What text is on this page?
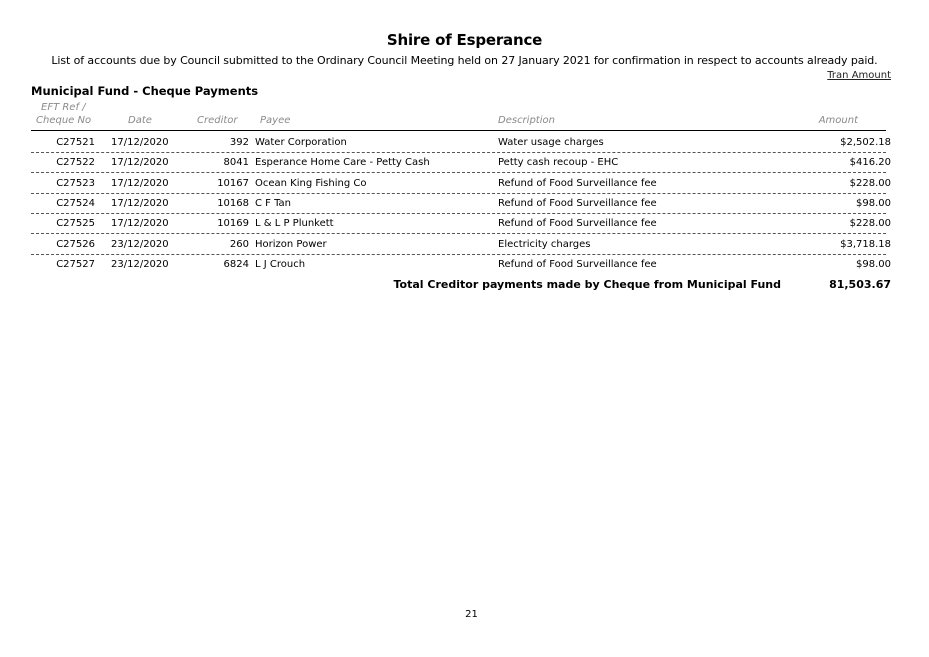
Shire of Esperance
List of accounts due by Council submitted to the Ordinary Council Meeting held on 27 January 2021 for confirmation in respect to accounts already paid.
Tran Amount
Municipal Fund - Cheque Payments
EFT Ref /
Cheque No	Date	Creditor Payee	Description	Amount
C27521 17/12/2020	392 Water Corporation	Water usage charges	$2,502.18
C27522 17/12/2020	8041 Esperance Home Care - Petty Cash	Petty cash recoup - EHC	$416.20
C27523 17/12/2020	10167 Ocean King Fishing Co	Refund of Food Surveillance fee	$228.00
C27524 17/12/2020	10168 C F Tan	Refund of Food Surveillance fee	$98.00
C27525 17/12/2020	10169 L & L P Plunkett	Refund of Food Surveillance fee	$228.00
C27526 23/12/2020	260 Horizon Power	Electricity charges	$3,718.18
C27527 23/12/2020	6824 L J Crouch	Refund of Food Surveillance fee	$98.00
Total Creditor payments made by Cheque from Municipal Fund	81,503.67
21
